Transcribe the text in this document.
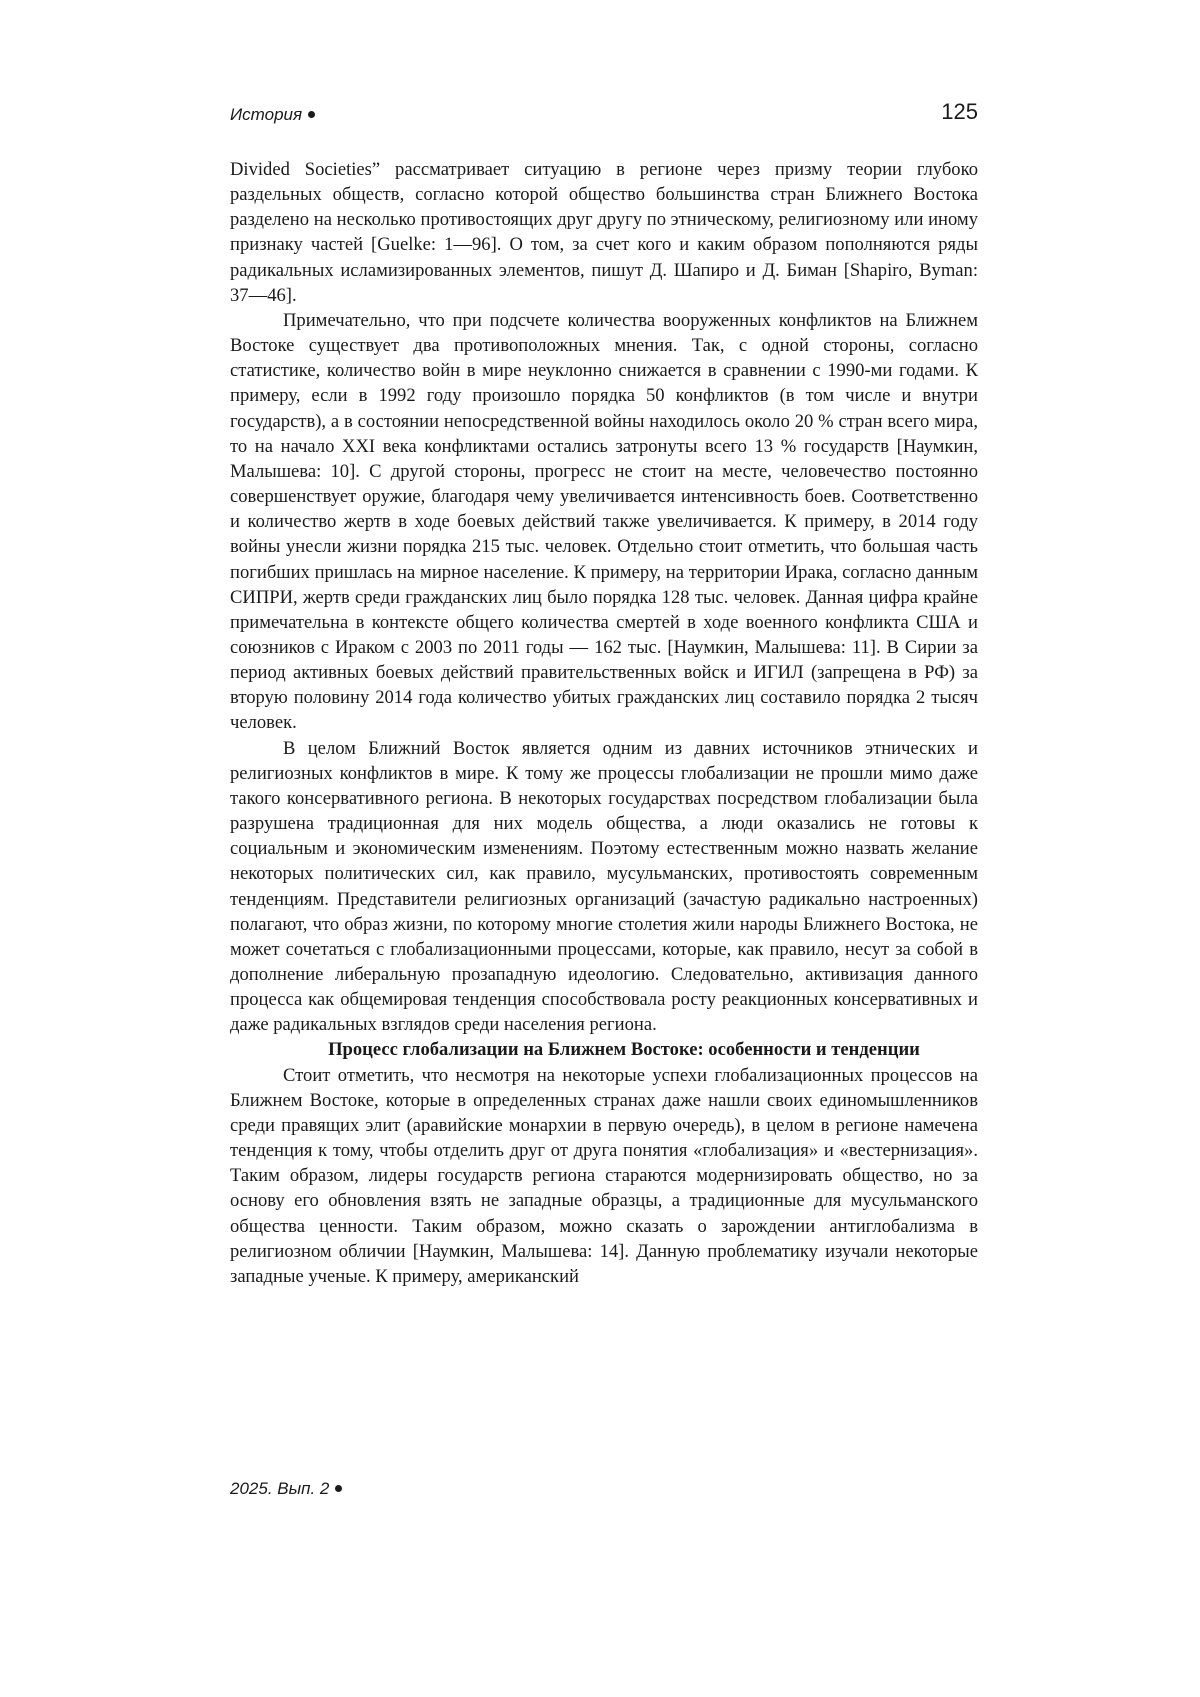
История	125

Divided Societies” рассматривает ситуацию в регионе через призму теории глубоко раздельных обществ, согласно которой общество большинства стран Ближнего Востока разделено на несколько противостоящих друг другу по этническому, религиозному или иному признаку частей [Guelke: 1—96]. О том, за счет кого и каким образом пополняются ряды радикальных исламизированных элементов, пишут Д. Шапиро и Д. Биман [Shapiro, Byman: 37—46].

Примечательно, что при подсчете количества вооруженных конфликтов на Ближнем Востоке существует два противоположных мнения. Так, с одной стороны, согласно статистике, количество войн в мире неуклонно снижается в сравнении с 1990-ми годами. К примеру, если в 1992 году произошло порядка 50 конфликтов (в том числе и внутри государств), а в состоянии непосредственной войны находилось около 20 % стран всего мира, то на начало XXI века конфликтами остались затронуты всего 13 % государств [Наумкин, Малышева: 10]. С другой стороны, прогресс не стоит на месте, человечество постоянно совершенствует оружие, благодаря чему увеличивается интенсивность боев. Соответственно и количество жертв в ходе боевых действий также увеличивается. К примеру, в 2014 году войны унесли жизни порядка 215 тыс. человек. Отдельно стоит отметить, что большая часть погибших пришлась на мирное население. К примеру, на территории Ирака, согласно данным СИПРИ, жертв среди гражданских лиц было порядка 128 тыс. человек. Данная цифра крайне примечательна в контексте общего количества смертей в ходе военного конфликта США и союзников с Ираком с 2003 по 2011 годы — 162 тыс. [Наумкин, Малышева: 11]. В Сирии за период активных боевых действий правительственных войск и ИГИЛ (запрещена в РФ) за вторую половину 2014 года количество убитых гражданских лиц составило порядка 2 тысяч человек.

В целом Ближний Восток является одним из давних источников этнических и религиозных конфликтов в мире. К тому же процессы глобализации не прошли мимо даже такого консервативного региона. В некоторых государствах посредством глобализации была разрушена традиционная для них модель общества, а люди оказались не готовы к социальным и экономическим изменениям. Поэтому естественным можно назвать желание некоторых политических сил, как правило, мусульманских, противостоять современным тенденциям. Представители религиозных организаций (зачастую радикально настроенных) полагают, что образ жизни, по которому многие столетия жили народы Ближнего Востока, не может сочетаться с глобализационными процессами, которые, как правило, несут за собой в дополнение либеральную прозападную идеологию. Следовательно, активизация данного процесса как общемировая тенденция способствовала росту реакционных консервативных и даже радикальных взглядов среди населения региона.

Процесс глобализации на Ближнем Востоке: особенности и тенденции

Стоит отметить, что несмотря на некоторые успехи глобализационных процессов на Ближнем Востоке, которые в определенных странах даже нашли своих единомышленников среди правящих элит (аравийские монархии в первую очередь), в целом в регионе намечена тенденция к тому, чтобы отделить друг от друга понятия «глобализация» и «вестернизация». Таким образом, лидеры государств региона стараются модернизировать общество, но за основу его обновления взять не западные образцы, а традиционные для мусульманского общества ценности. Таким образом, можно сказать о зарождении антиглобализма в религиозном обличии [Наумкин, Малышева: 14]. Данную проблематику изучали некоторые западные ученые. К примеру, американский

2025. Вып. 2
